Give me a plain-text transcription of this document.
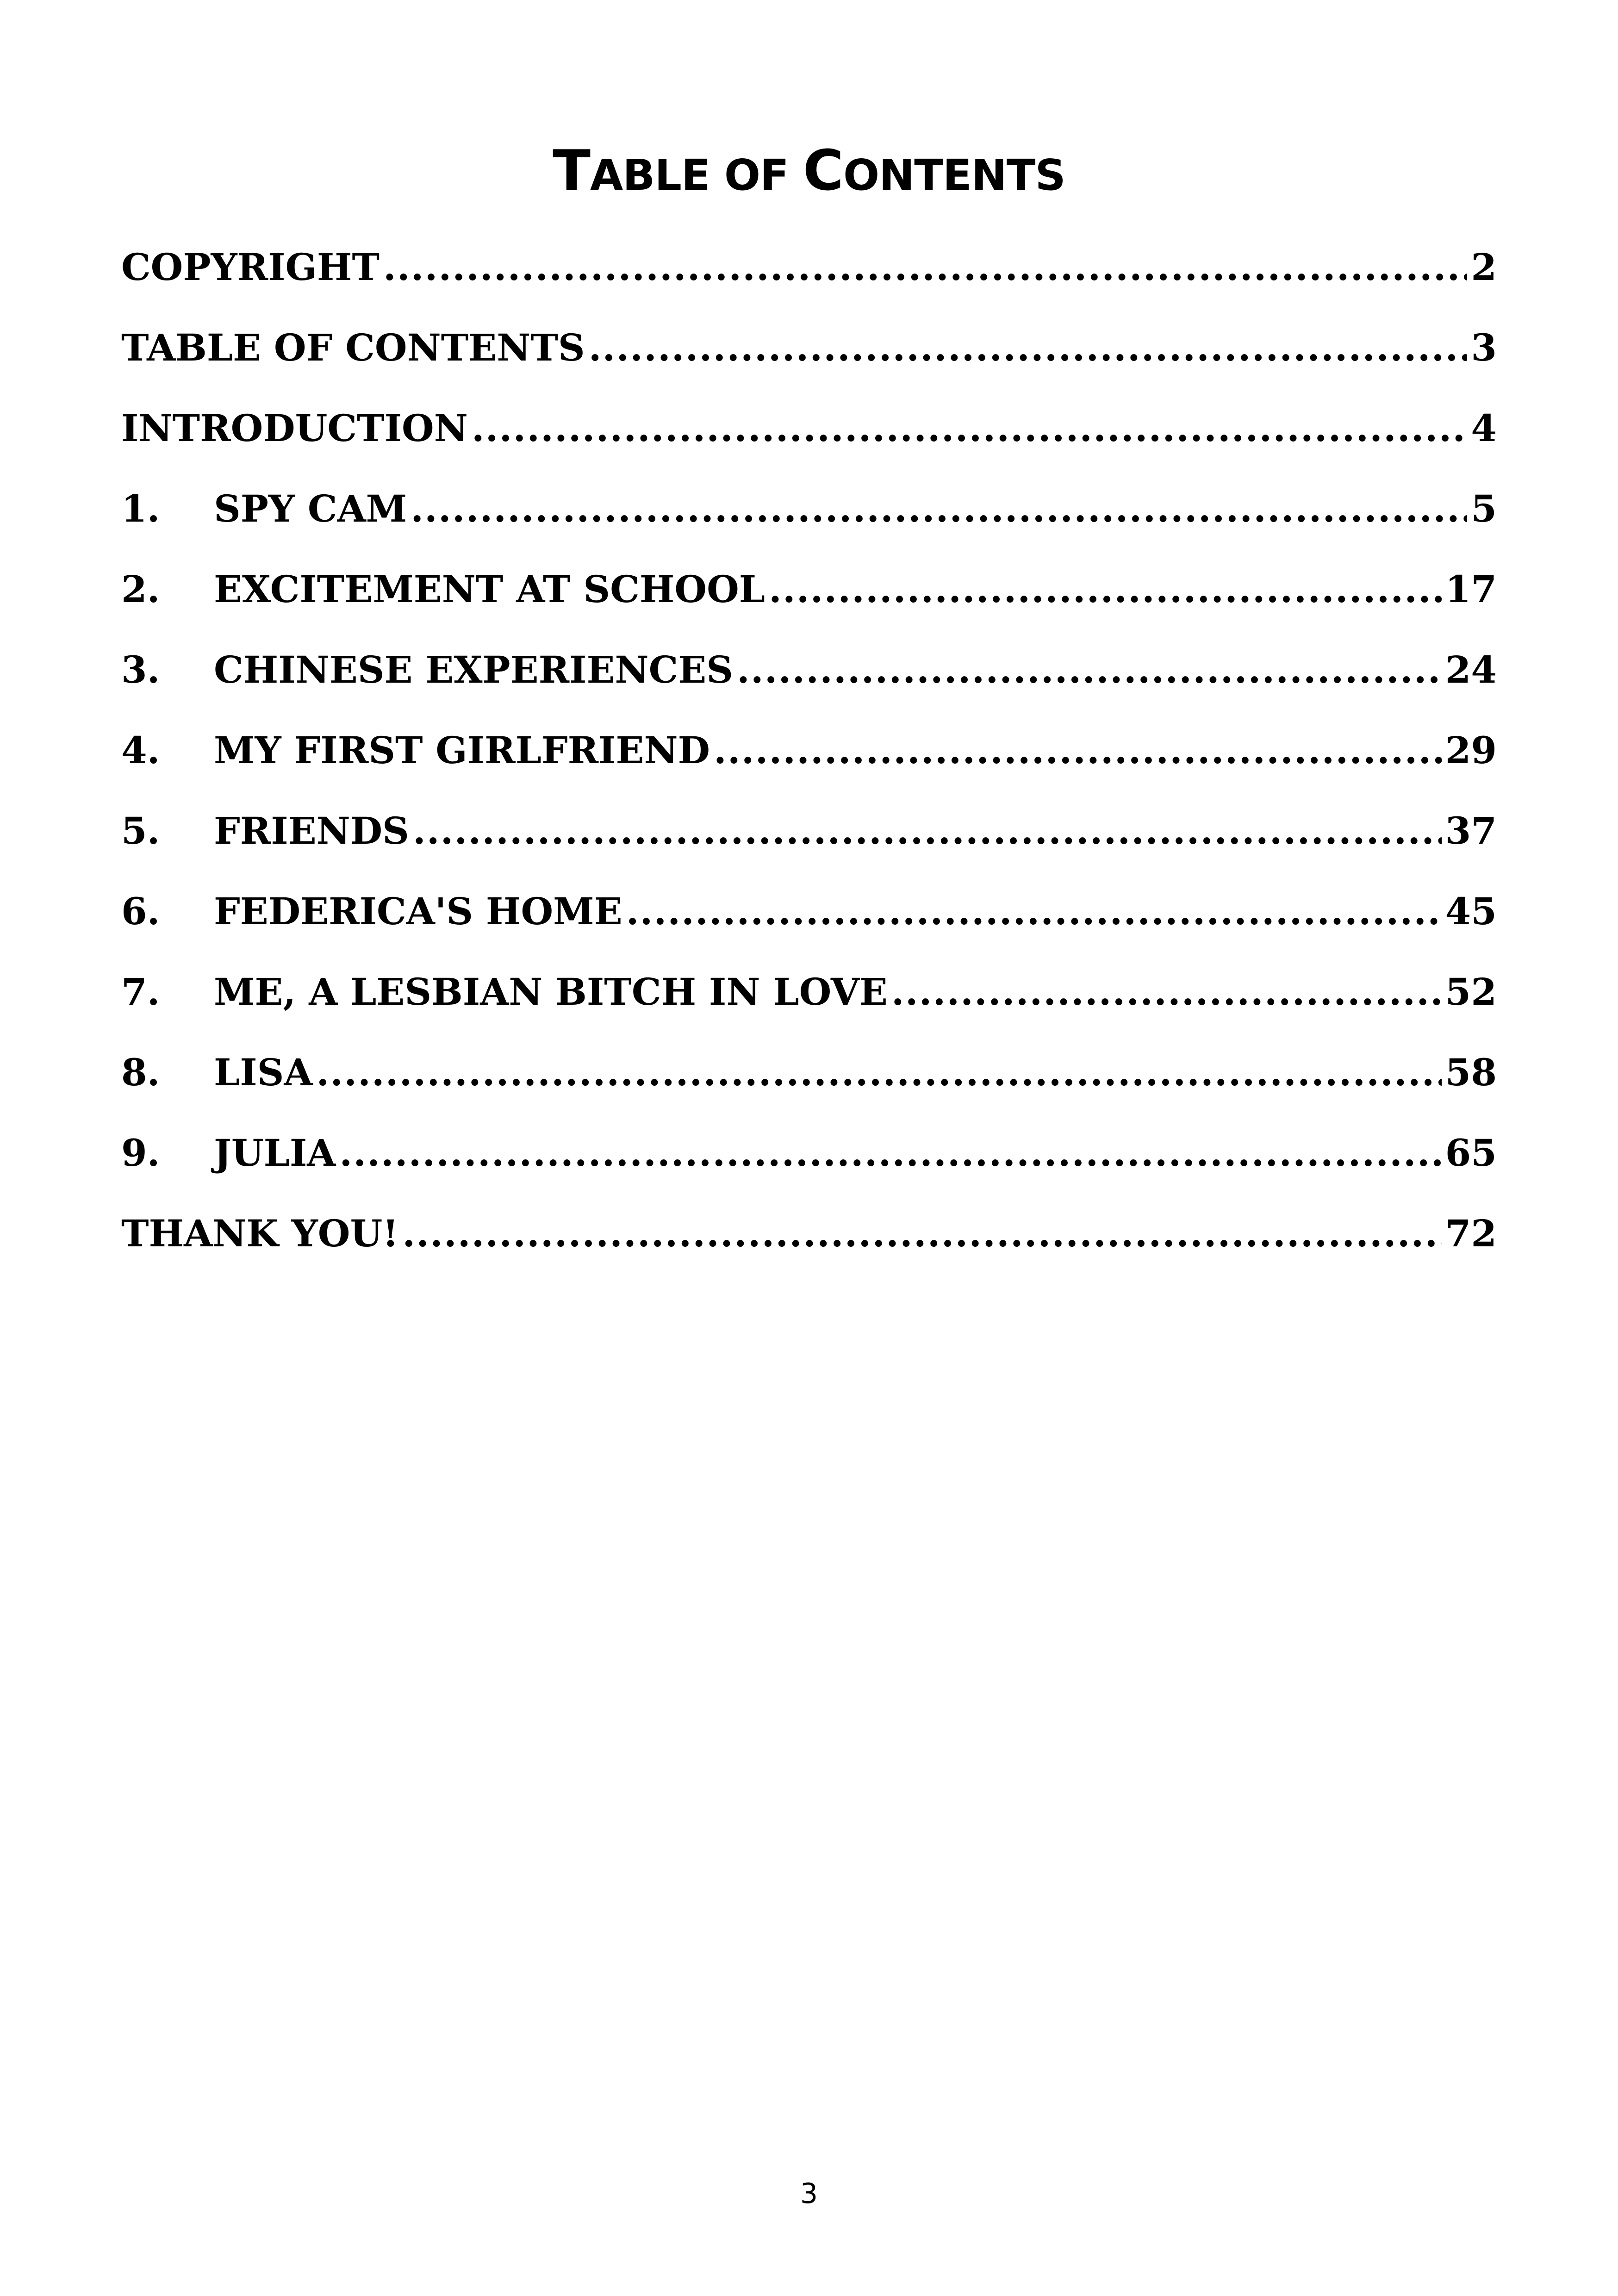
TABLE OF CONTENTS
COPYRIGHT .....	2
TABLE OF CONTENTS .....	3
INTRODUCTION .....	4
1.	SPY CAM .....	5
2.	EXCITEMENT AT SCHOOL .....	17
3.	CHINESE EXPERIENCES .....	24
4.	MY FIRST GIRLFRIEND .....	29
5.	FRIENDS .....	37
6.	FEDERICA'S HOME .....	45
7.	ME, A LESBIAN BITCH IN LOVE .....	52
8.	LISA .....	58
9.	JULIA .....	65
THANK YOU! .....	72
3
